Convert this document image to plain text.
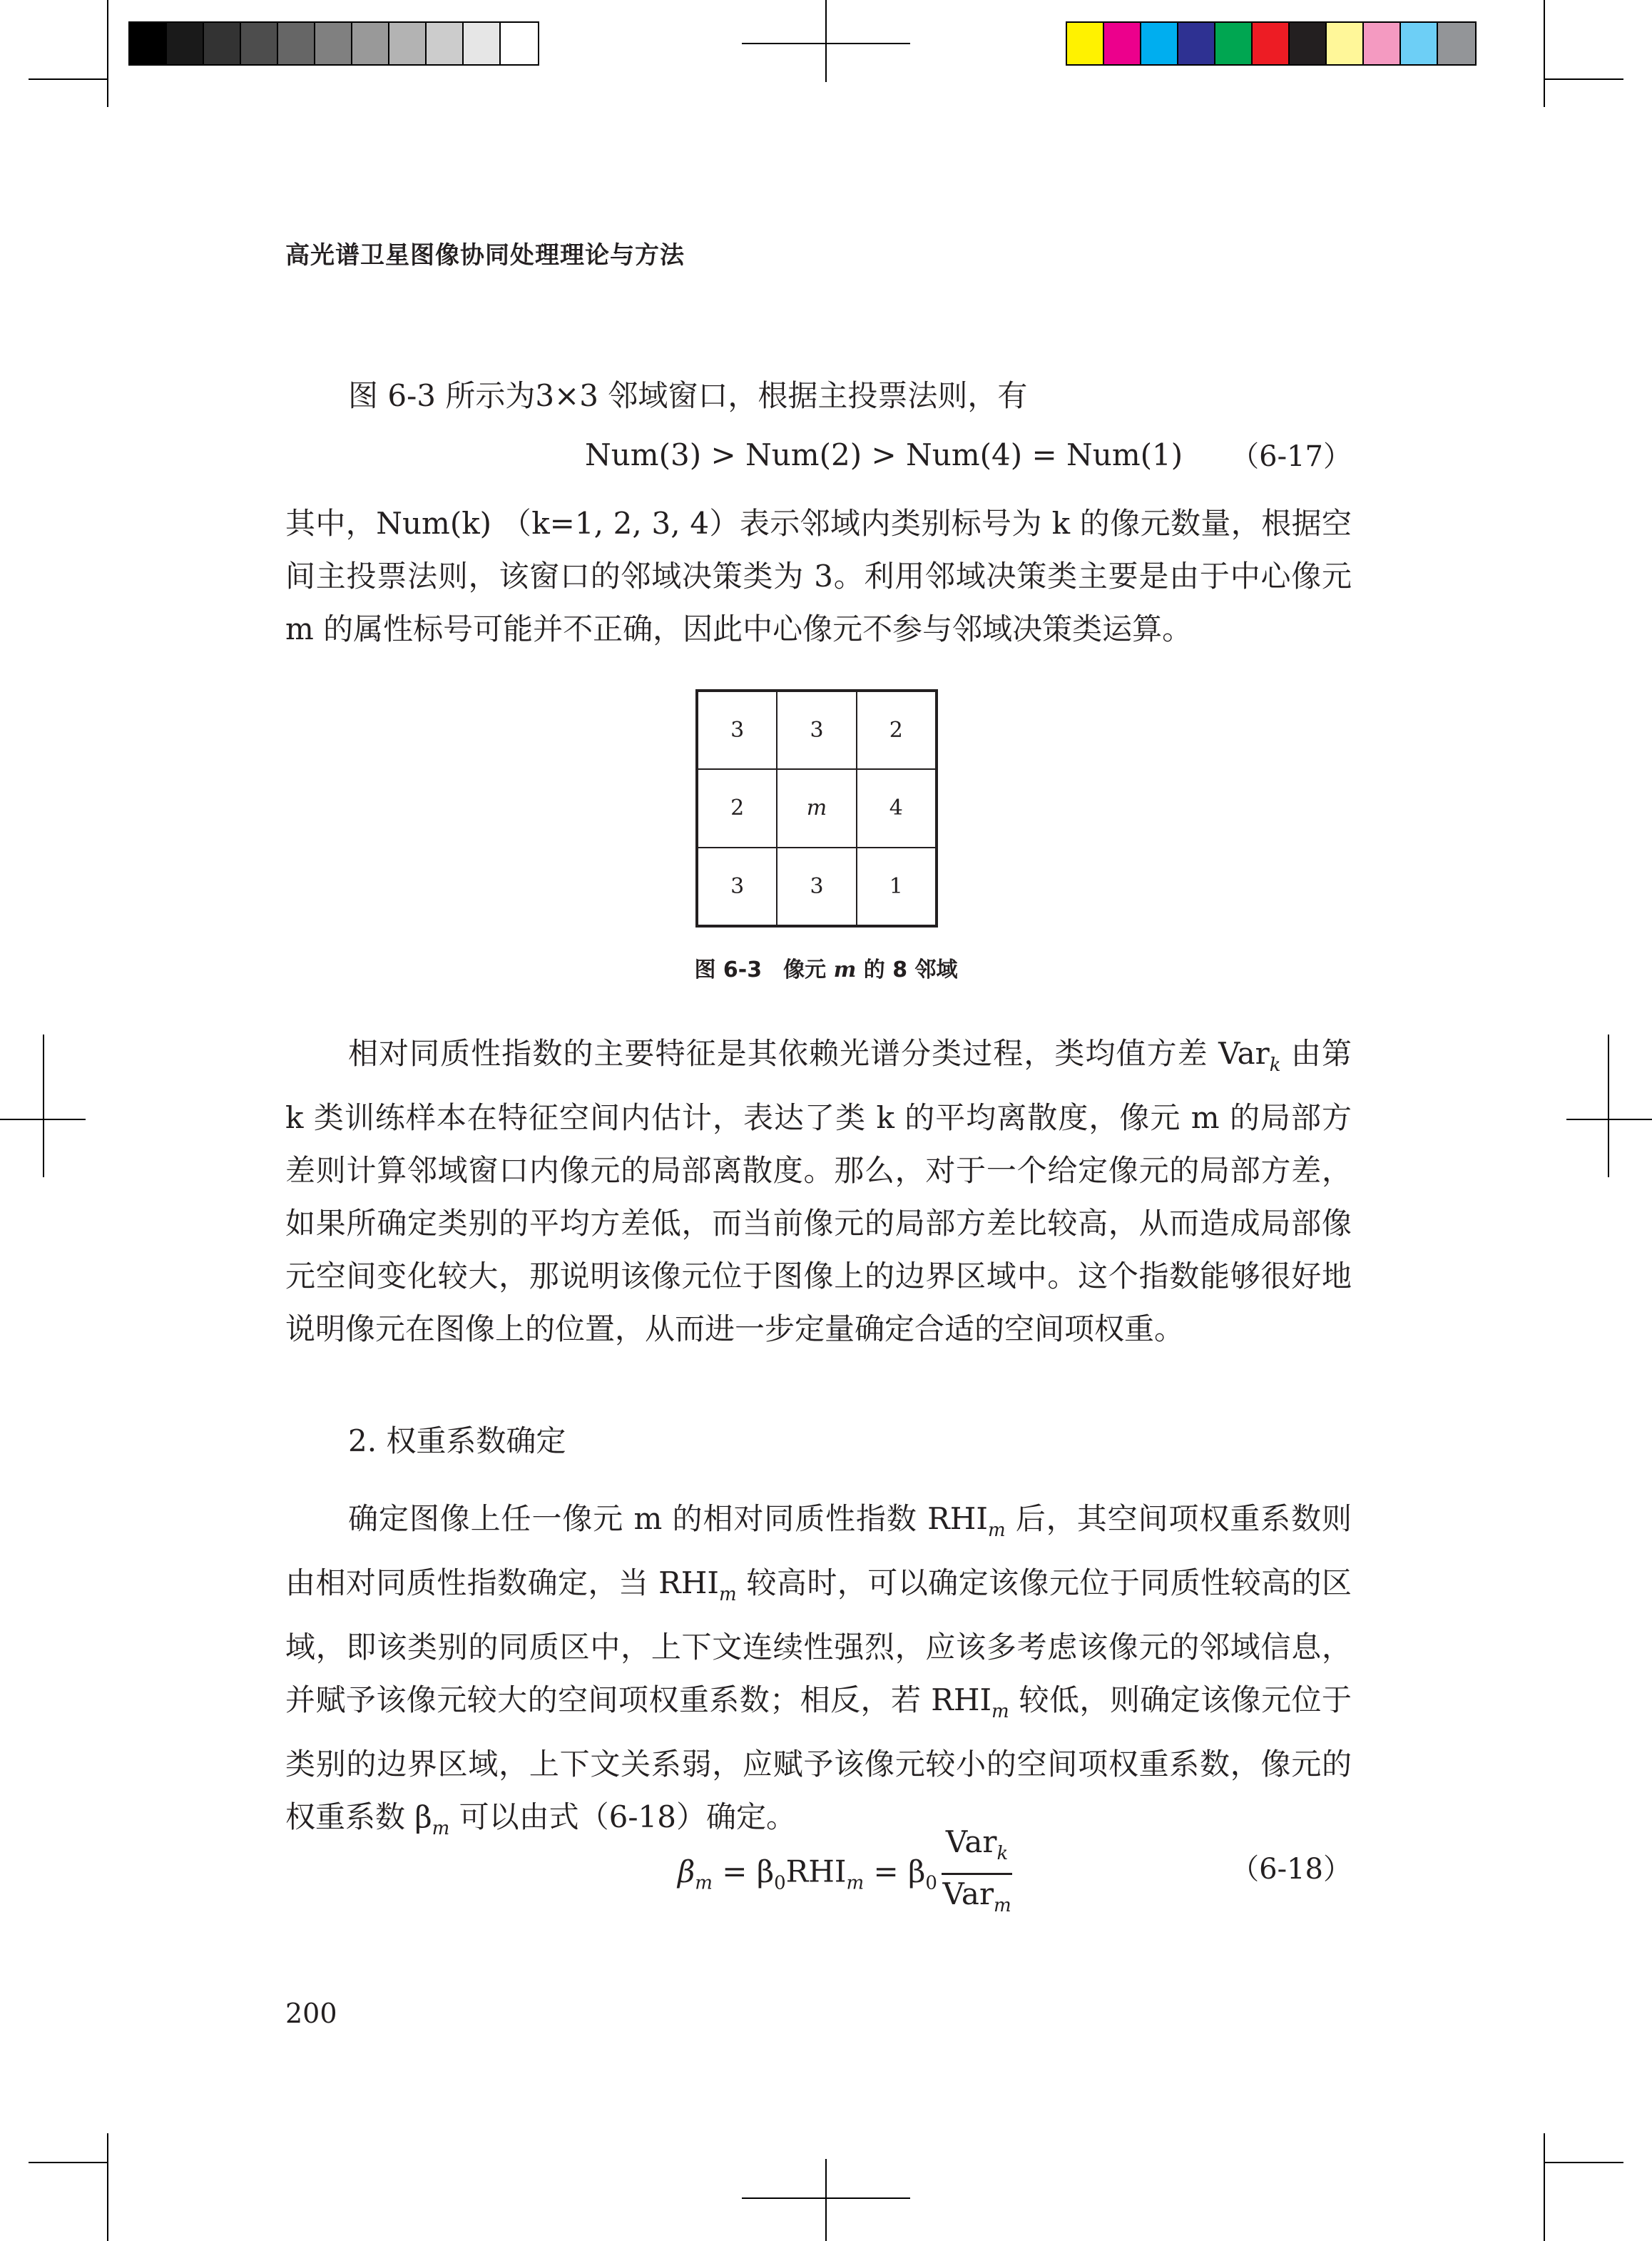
高光谱卫星图像协同处理理论与方法

图 6-3 所示为3×3 邻域窗口，根据主投票法则，有

Num(3) > Num(2) > Num(4) = Num(1) （6-17）

其中，Num(k) （k=1, 2, 3, 4）表示邻域内类别标号为 k 的像元数量，根据空间主投票法则，该窗口的邻域决策类为 3。利用邻域决策类主要是由于中心像元 m 的属性标号可能并不正确，因此中心像元不参与邻域决策类运算。

3	3	2
2	m	4
3	3	1
图 6-3　像元 m 的 8 邻域

相对同质性指数的主要特征是其依赖光谱分类过程，类均值方差 Var$_k$ 由第 k 类训练样本在特征空间内估计，表达了类 k 的平均离散度，像元 m 的局部方差则计算邻域窗口内像元的局部离散度。那么，对于一个给定像元的局部方差，如果所确定类别的平均方差低，而当前像元的局部方差比较高，从而造成局部像元空间变化较大，那说明该像元位于图像上的边界区域中。这个指数能够很好地说明像元在图像上的位置，从而进一步定量确定合适的空间项权重。

2. 权重系数确定

确定图像上任一像元 m 的相对同质性指数 $RHI_m$ 后，其空间项权重系数则由相对同质性指数确定，当 $RHI_m$ 较高时，可以确定该像元位于同质性较高的区域，即该类别的同质区中，上下文连续性强烈，应该多考虑该像元的邻域信息，并赋予该像元较大的空间项权重系数；相反，若 $RHI_m$ 较低，则确定该像元位于类别的边界区域，上下文关系弱，应赋予该像元较小的空间项权重系数，像元的权重系数 $\beta_m$ 可以由式（6-18）确定。

$\beta_m = \beta_0RHI_m = \beta_0 \frac{Var_k}{Var_m}$	（6-18）
200
